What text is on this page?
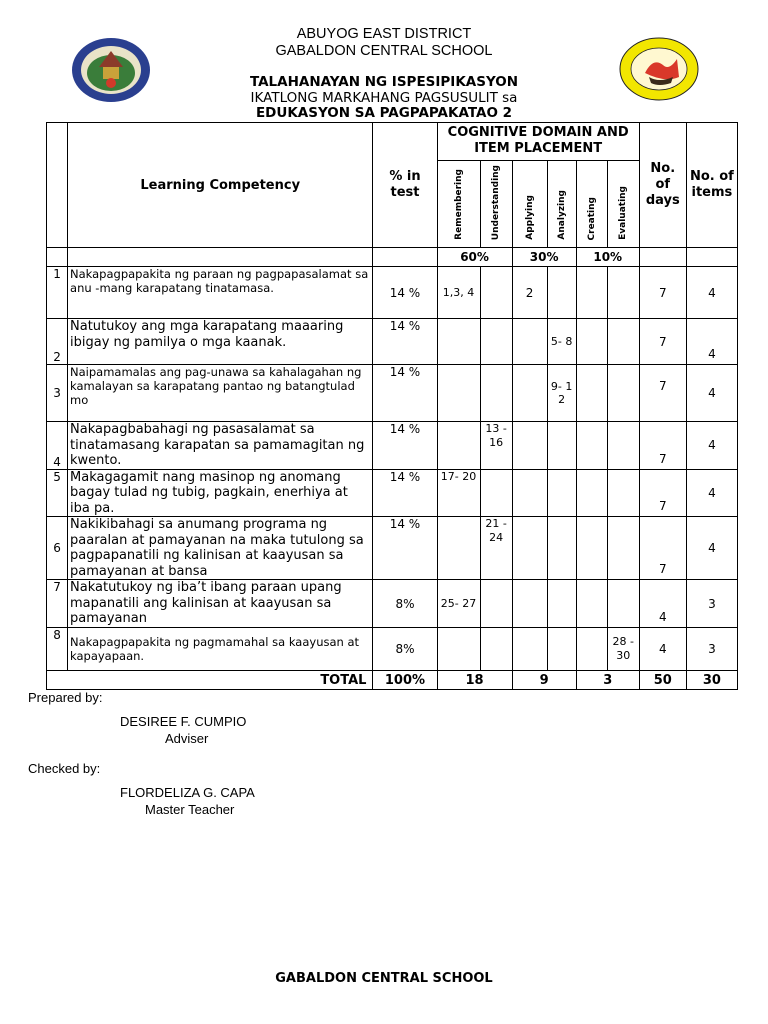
ABUYOG EAST DISTRICT
GABALDON CENTRAL SCHOOL
TALAHANAYAN NG ISPESIPIKASYON
IKATLONG MARKAHANG PAGSUSULIT sa
EDUKASYON SA PAGPAPAKATAO 2
	Learning Competency	% in test	COGNITIVE DOMAIN AND ITEM PLACEMENT						No. of days	No. of items
			Remembering	Understanding	Applying	Analyzing	Creating	Evaluating		
			60%		30%		10%			
1	Nakapagpapakita ng paraan ng pagpapasalamat sa anu -mang karapatang tinatamasa.	14 %	1,3, 4		2				7	4
2	Natutukoy ang mga karapatang maaaring ibigay ng pamilya o mga kaanak.	14 %				5- 8			7	4
3	Naipamamalas ang pag-unawa sa kahalagahan ng kamalayan sa karapatang pantao ng batangtulad mo	14 %				9- 1 2			7	4
4	Nakapagbabahagi ng pasasalamat sa tinatamasang karapatan sa pamamagitan ng kwento.	14 %		13 - 16					7	4
5	Makagagamit nang masinop ng anomang bagay tulad ng tubig, pagkain, enerhiya at iba pa.	14 %	17- 20						7	4
6	Nakikibahagi sa anumang programa ng paaralan at pamayanan na maka tutulong sa pagpapanatili ng kalinisan at kaayusan sa pamayanan at bansa	14 %		21 - 24					7	4
7	Nakatutukoy ng iba’t ibang paraan upang mapanatili ang kalinisan at kaayusan sa pamayanan	8%	25- 27						4	3
8	Nakapagpapakita ng pagmamahal sa kaayusan at kapayapaan.	8%						28 - 30	4	3
TOTAL		100%	18		9		3		50	30
Prepared by:
DESIREE F. CUMPIO
Adviser
Checked by:
FLORDELIZA G. CAPA
Master Teacher
GABALDON CENTRAL SCHOOL
